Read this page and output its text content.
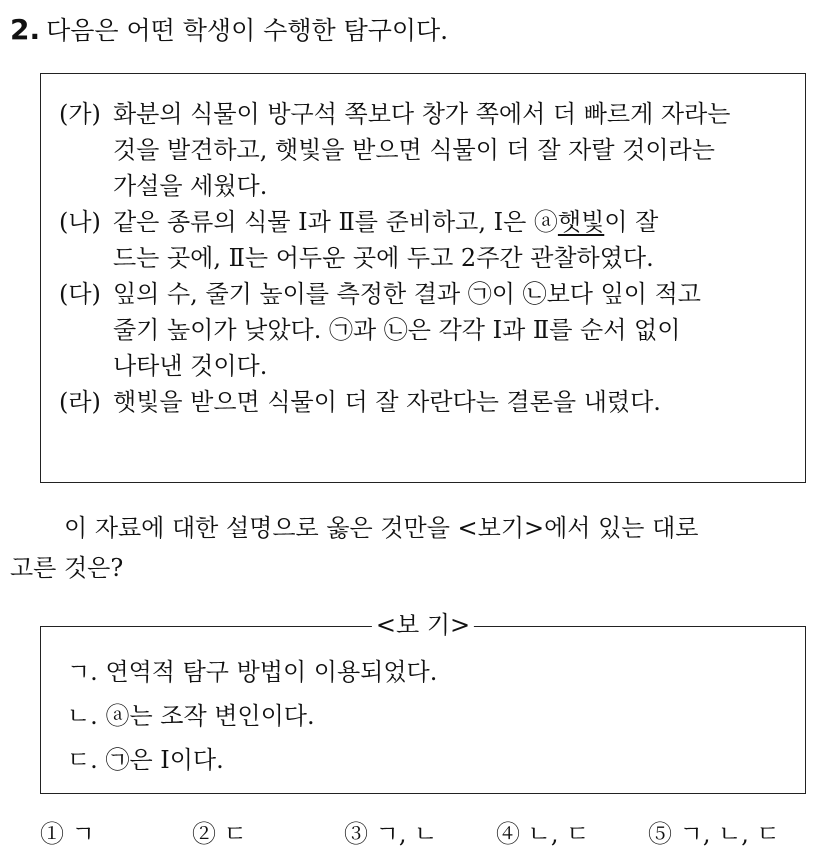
2. 다음은 어떤 학생이 수행한 탐구이다.
(가) 화분의 식물이 방구석 쪽보다 창가 쪽에서 더 빠르게 자라는
것을 발견하고, 햇빛을 받으면 식물이 더 잘 자랄 것이라는
가설을 세웠다.
(나) 같은 종류의 식물 Ⅰ과 Ⅱ를 준비하고, Ⅰ은 ⓐ햇빛이 잘
드는 곳에, Ⅱ는 어두운 곳에 두고 2주간 관찰하였다.
(다) 잎의 수, 줄기 높이를 측정한 결과 ㉠이 ㉡보다 잎이 적고
줄기 높이가 낮았다. ㉠과 ㉡은 각각 Ⅰ과 Ⅱ를 순서 없이
나타낸 것이다.
(라) 햇빛을 받으면 식물이 더 잘 자란다는 결론을 내렸다.
이 자료에 대한 설명으로 옳은 것만을 <보기>에서 있는 대로
고른 것은?
<보 기>
ㄱ. 연역적 탐구 방법이 이용되었다.
ㄴ. ⓐ는 조작 변인이다.
ㄷ. ㉠은 Ⅰ이다.
① ㄱ	② ㄷ	③ ㄱ, ㄴ ④ ㄴ, ㄷ ⑤ ㄱ, ㄴ, ㄷ
